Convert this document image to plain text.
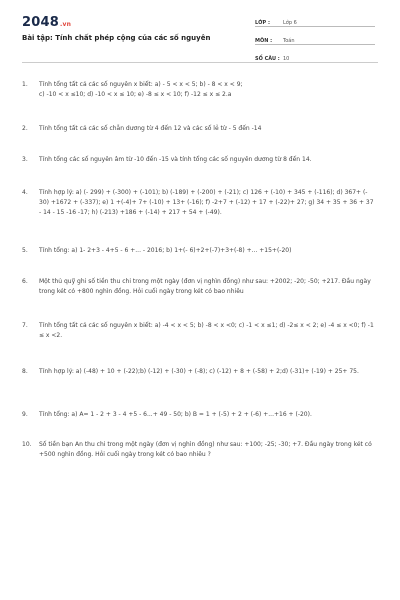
2048.vn
Bài tập: Tính chất phép cộng của các số nguyên
LỚP :	Lớp 6
MÔN :	Toán
SỐ CÂU : 10
1.	Tính tổng tất cả các số nguyên x biết: a) - 5 < x < 5; b) - 8 < x < 9;
c) -10 < x ≤10; d) -10 < x ≤ 10; e) -8 ≤ x < 10; f) -12 ≤ x ≤ 2.a
2.	Tính tổng tất cả các số chẵn dương từ 4 đến 12 và các số lẻ từ - 5 đến -14
3.	Tính tổng các số nguyên âm từ -10 đến -15 và tính tổng các số nguyên dương từ 8 đến 14.
4.	Tính hợp lý: a) (- 299) + (-300) + (-101); b) (-189) + (-200) + (-21); c) 126 + (-10) + 345 + (-116); d) 367+ (- 30) +1672 + (-337); e) 1 +(-4)+ 7+ (-10) + 13+ (-16); f) -2+7 + (-12) + 17 + (-22)+ 27; g) 34 + 35 + 36 + 37 - 14 - 15 -16 -17; h) (-213) +186 + (-14) + 217 + 54 + (-49).
5.	Tính tổng: a) 1- 2+3 - 4+5 - 6 +... - 2016; b) 1+(- 6)+2+(-7)+3+(-8) +... +15+(-20)
6.	Một thủ quỹ ghi số tiền thu chi trong một ngày (đơn vị nghìn đồng) như sau: +2002; -20; -50; +217. Đầu ngày trong két có +800 nghìn đồng. Hỏi cuối ngày trong két có bao nhiêu
7.	Tính tổng tất cả các số nguyên x biết: a) -4 < x < 5; b) -8 < x <0; c) -1 < x ≤1; d) -2≤ x < 2; e) -4 ≤ x <0; f) -1 ≤ x <2.
8.	Tính hợp lý: a) (-48) + 10 + (-22);b) (-12) + (-30) + (-8); c) (-12) + 8 + (-58) + 2;d) (-31)+ (-19) + 25+ 75.
9.	Tính tổng: a) A= 1 - 2 + 3 - 4 +5 - 6...+ 49 - 50; b) B = 1 + (-5) + 2 + (-6) +...+16 + (-20).
10.	Số tiền bạn An thu chi trong một ngày (đơn vị nghìn đồng) như sau: +100; -25; -30; +7. Đầu ngày trong két có +500 nghìn đồng. Hỏi cuối ngày trong két có bao nhiêu ?
